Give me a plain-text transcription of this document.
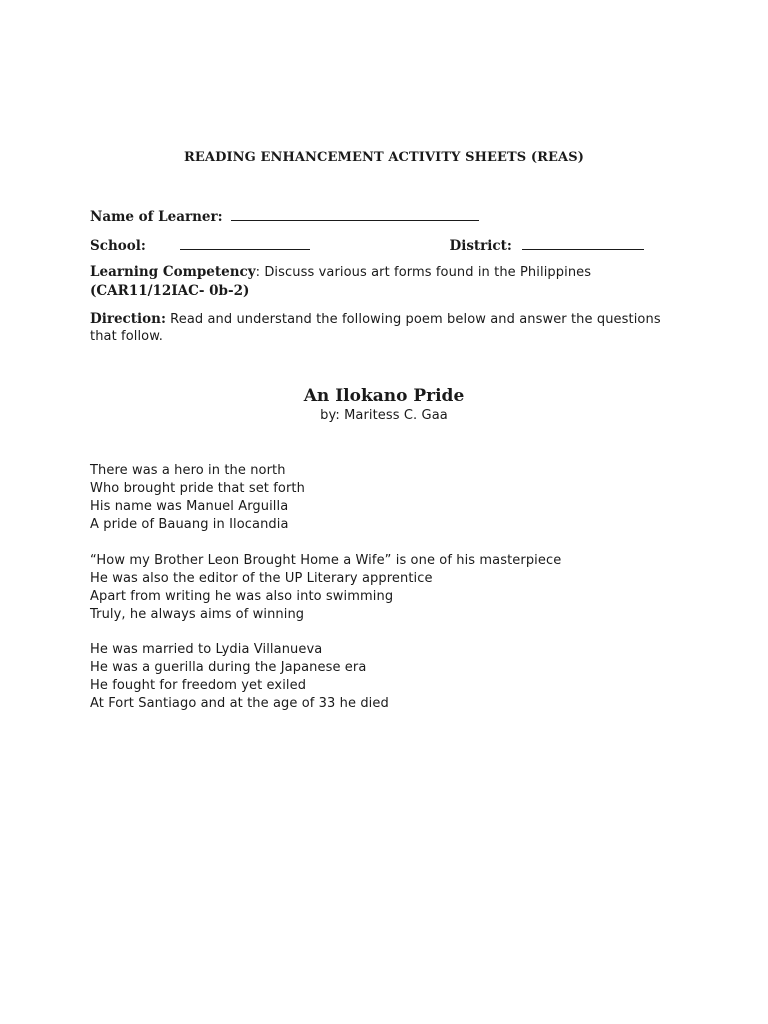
READING ENHANCEMENT ACTIVITY SHEETS (REAS)
Name of Learner:
School:	District:
Learning Competency: Discuss various art forms found in the Philippines
(CAR11/12IAC- 0b-2)
Direction: Read and understand the following poem below and answer the questions
that follow.
An Ilokano Pride
by: Maritess C. Gaa
There was a hero in the north
Who brought pride that set forth
His name was Manuel Arguilla
A pride of Bauang in Ilocandia
“How my Brother Leon Brought Home a Wife” is one of his masterpiece
He was also the editor of the UP Literary apprentice
Apart from writing he was also into swimming
Truly, he always aims of winning
He was married to Lydia Villanueva
He was a guerilla during the Japanese era
He fought for freedom yet exiled
At Fort Santiago and at the age of 33 he died
